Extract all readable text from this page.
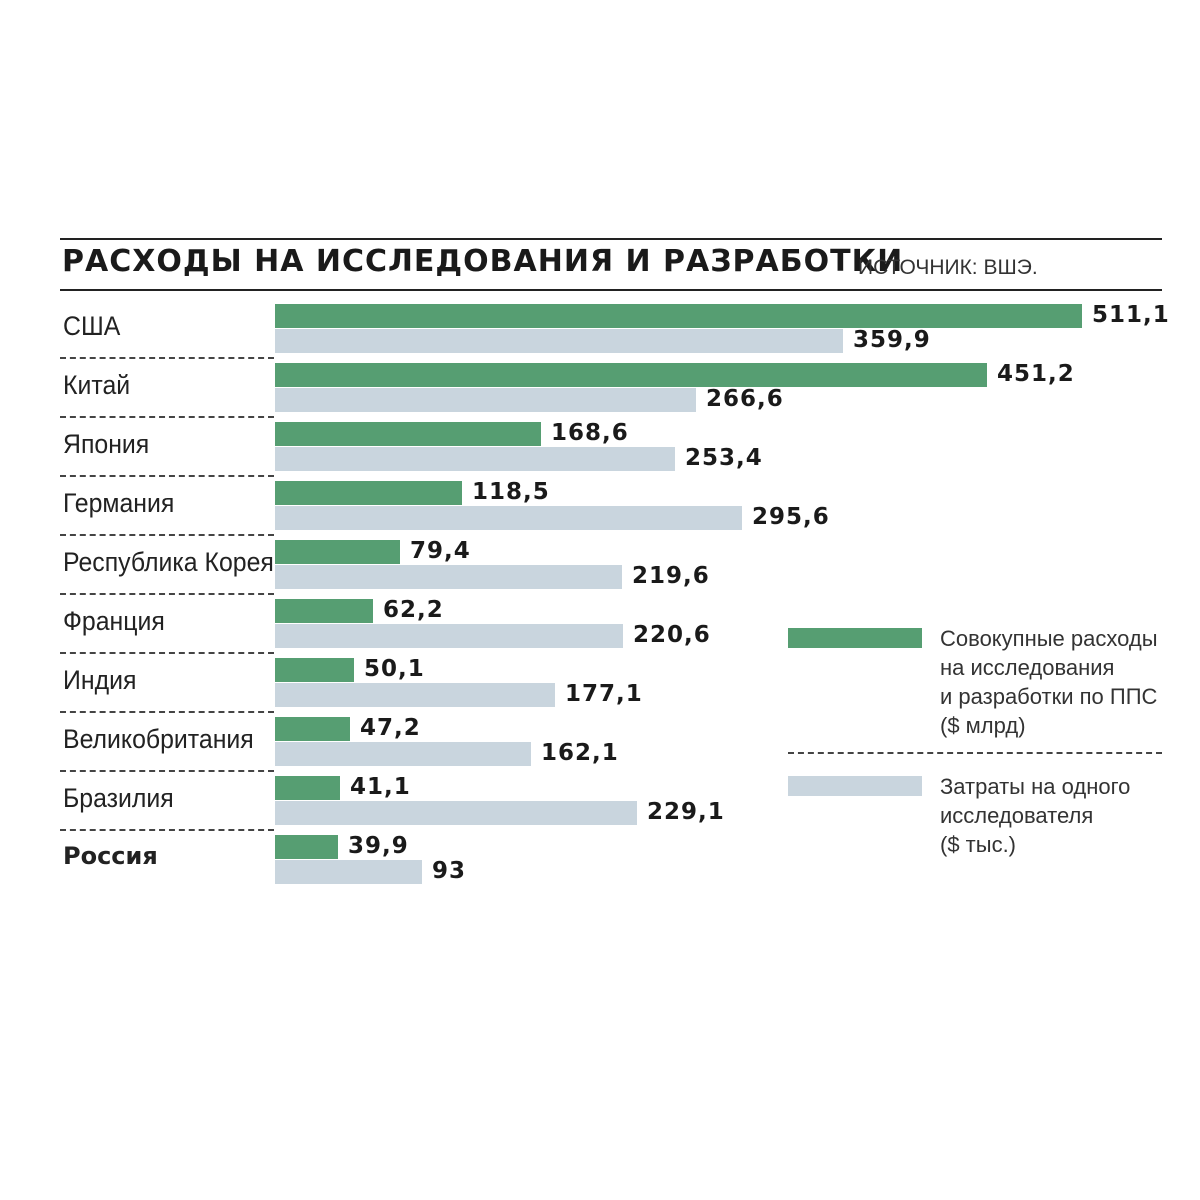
РАСХОДЫ НА ИССЛЕДОВАНИЯ И РАЗРАБОТКИ
ИСТОЧНИК: ВШЭ.
США	511,1
359,9
Китай	451,2
266,6
Япония	168,6
253,4
Германия	118,5
295,6
Республика Корея	79,4
219,6
Франция	62,2
220,6
Индия	50,1
177,1
Великобритания	47,2
162,1
Бразилия	41,1
229,1
Россия	39,9
93
Совокупные расходы
на исследования
и разработки по ППС
($ млрд)
Затраты на одного
исследователя
($ тыс.)
